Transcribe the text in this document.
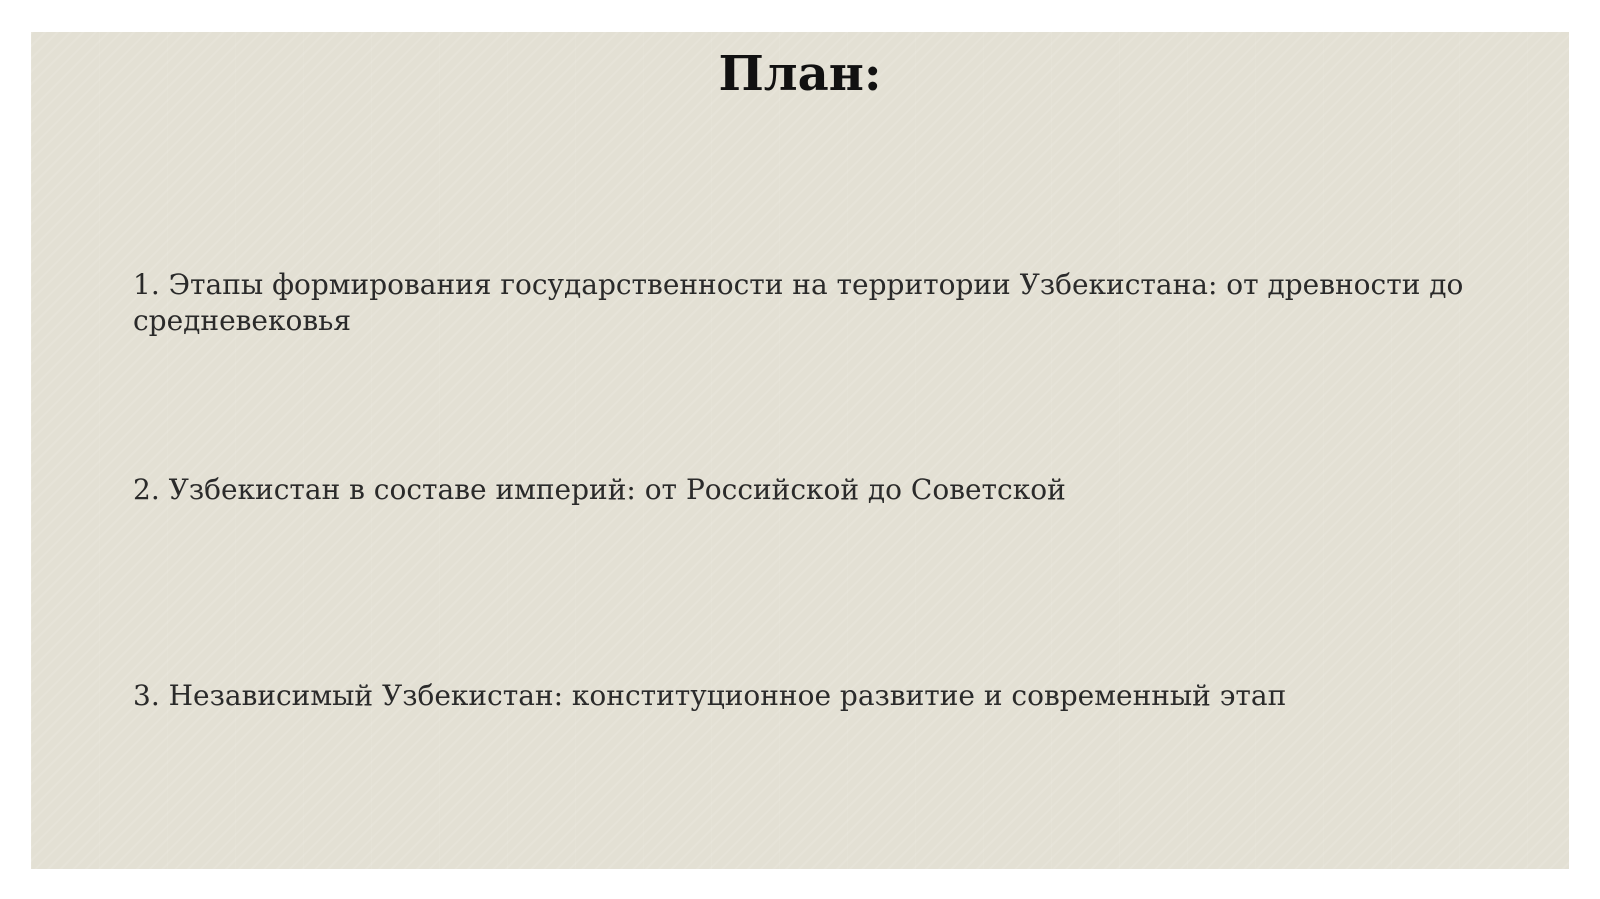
План:

1. Этапы формирования государственности на территории Узбекистана: от древности до средневековья

2. Узбекистан в составе империй: от Российской до Советской

3. Независимый Узбекистан: конституционное развитие и современный этап
